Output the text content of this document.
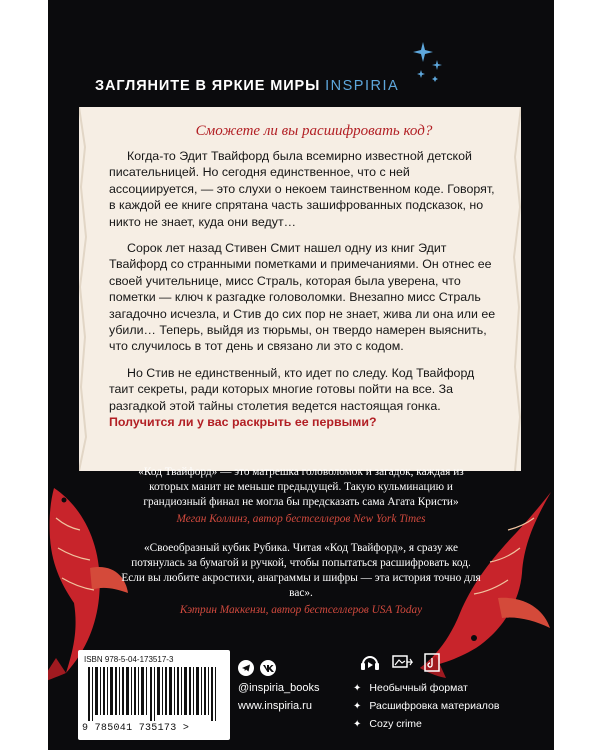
ЗАГЛЯНИТЕ В ЯРКИЕ МИРЫ INSPIRIA
Сможете ли вы расшифровать код?

Когда-то Эдит Твайфорд была всемирно известной детской писательницей. Но сегодня единственное, что с ней ассоциируется, — это слухи о некоем таинственном коде. Говорят, в каждой ее книге спрятана часть зашифрованных подсказок, но никто не знает, куда они ведут…

Сорок лет назад Стивен Смит нашел одну из книг Эдит Твайфорд со странными пометками и примечаниями. Он отнес ее своей учительнице, мисс Страль, которая была уверена, что пометки — ключ к разгадке головоломки. Внезапно мисс Страль загадочно исчезла, и Стив до сих пор не знает, жива ли она или ее убили… Теперь, выйдя из тюрьмы, он твердо намерен выяснить, что случилось в тот день и связано ли это с кодом.

Но Стив не единственный, кто идет по следу. Код Твайфорд таит секреты, ради которых многие готовы пойти на все. За разгадкой этой тайны столетия ведется настоящая гонка. Получится ли у вас раскрыть ее первыми?

«Код Твайфорд» — это матрешка головоломок и загадок, каждая из которых манит не меньше предыдущей. Такую кульминацию и грандиозный финал не могла бы предсказать сама Агата Кристи»

Меган Коллинз, автор бестселлеров New York Times

«Своеобразный кубик Рубика. Читая «Код Твайфорд», я сразу же потянулась за бумагой и ручкой, чтобы попытаться расшифровать код. Если вы любите акростихи, анаграммы и шифры — эта история точно для вас».

Кэтрин Маккензи, автор бестселлеров USA Today

ISBN 978-5-04-173517-3
9 785041 735173 >
@inspiria_books
www.inspiria.ru
✦ Необычный формат
✦ Расшифровка материалов
✦ Cozy crime
